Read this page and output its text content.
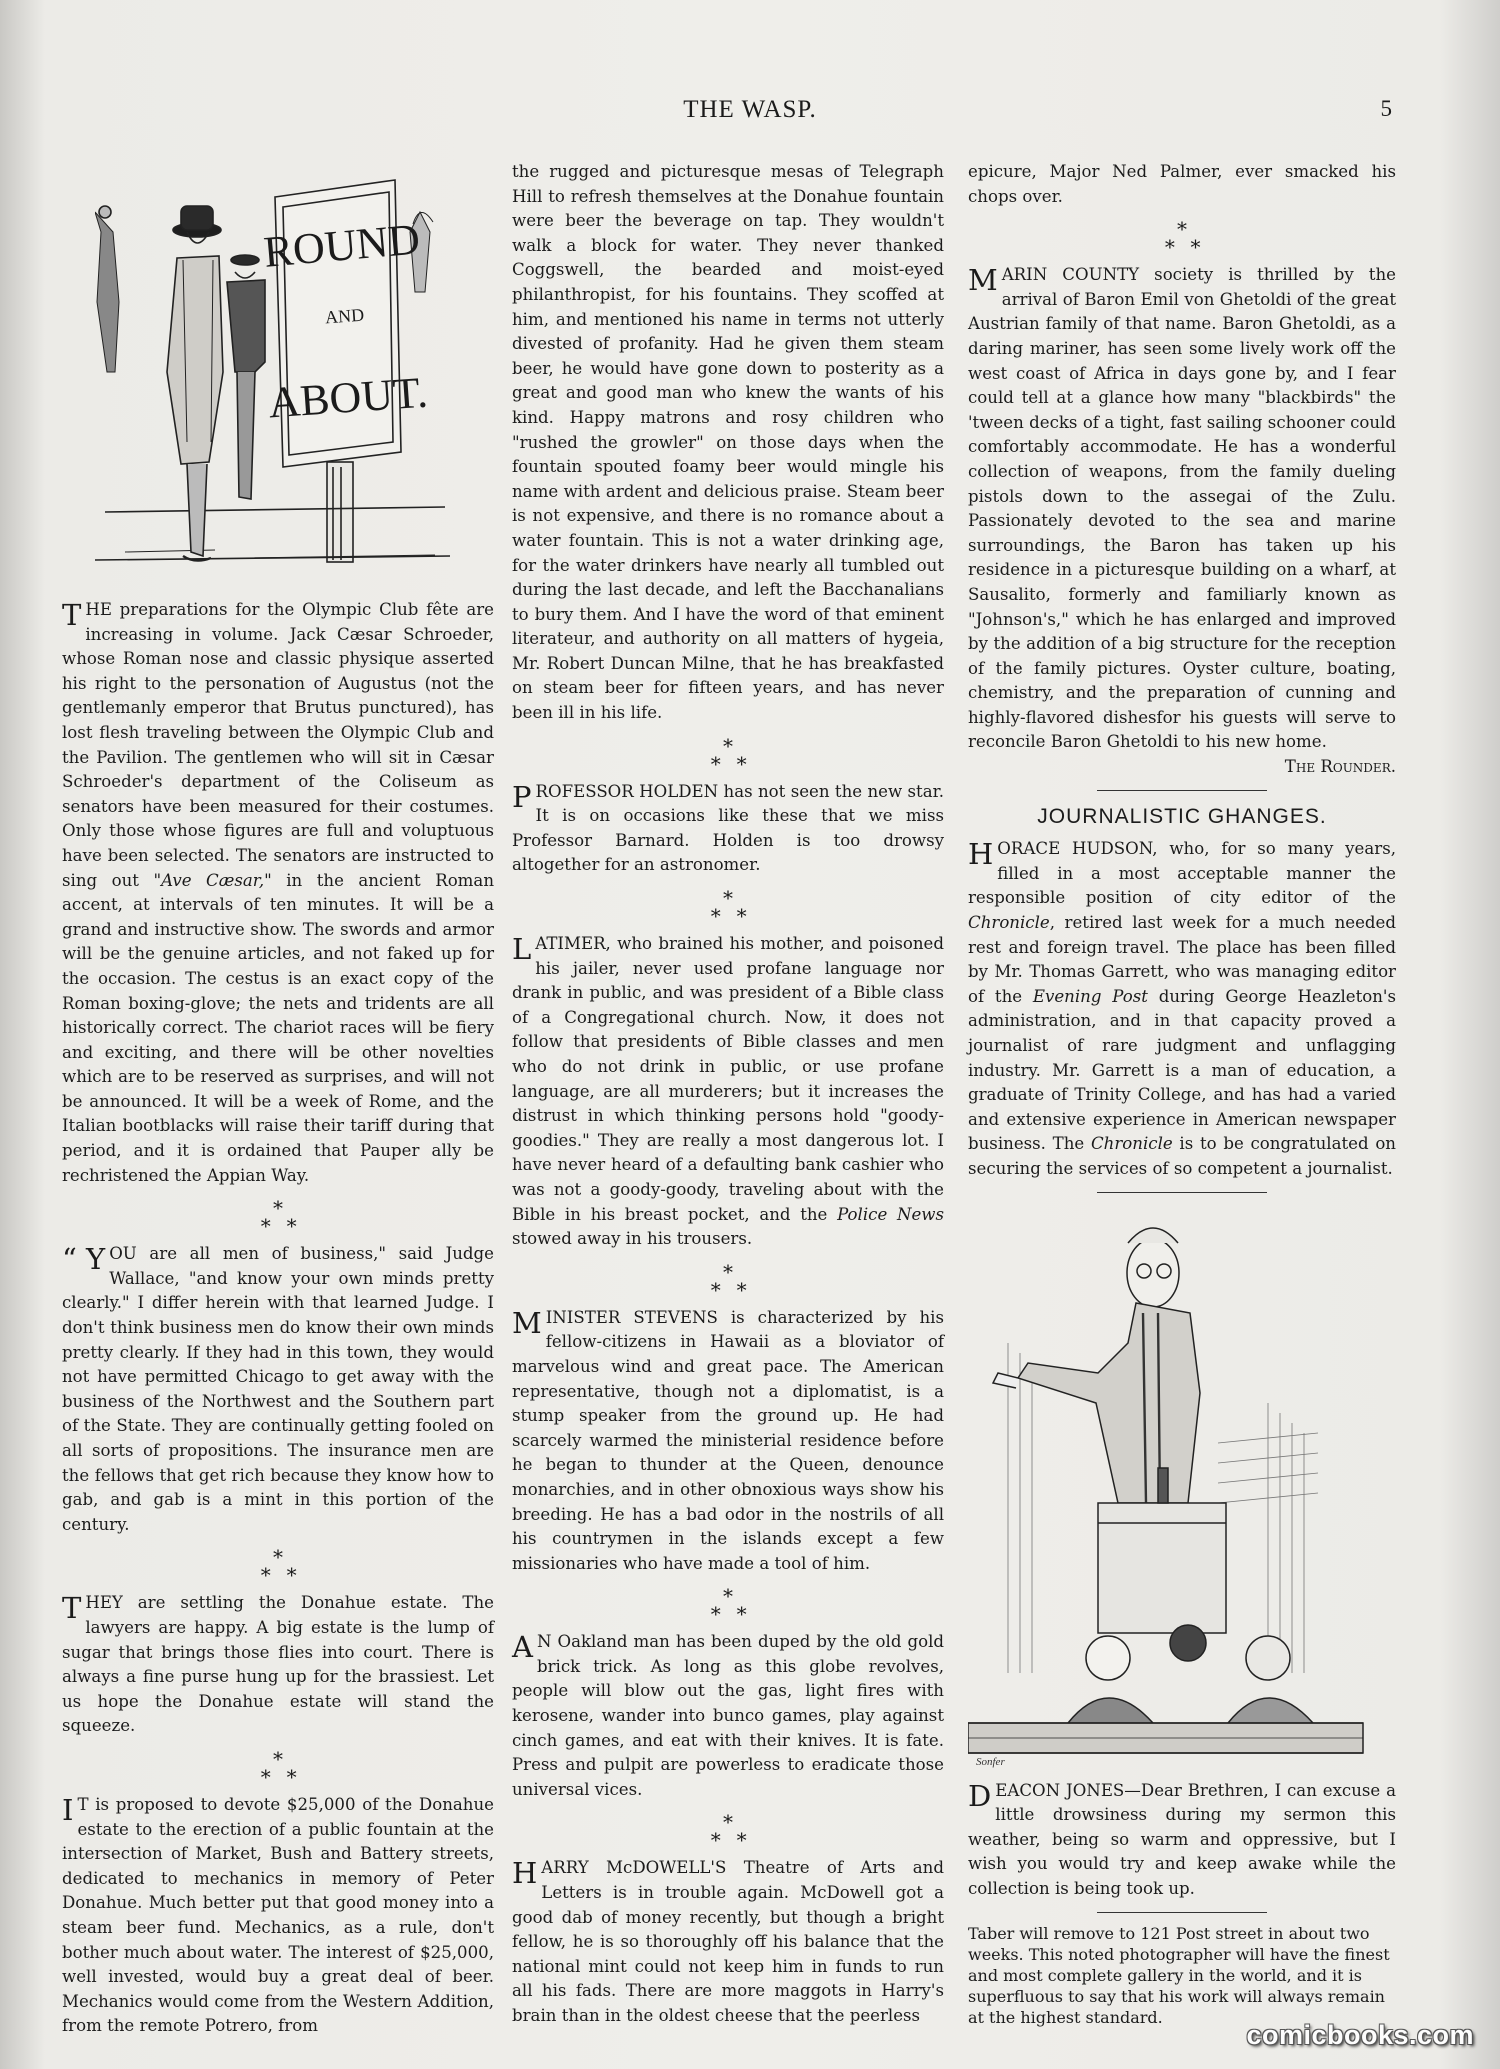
THE WASP.	5
ROUND
AND
ABOUT.

THE preparations for the Olympic Club fête are increasing in volume. Jack Cæsar Schroeder, whose Roman nose and classic physique asserted his right to the personation of Augustus (not the gentlemanly emperor that Brutus punctured), has lost flesh traveling between the Olympic Club and the Pavilion. The gentlemen who will sit in Cæsar Schroeder's department of the Coliseum as senators have been measured for their costumes. Only those whose figures are full and voluptuous have been selected. The senators are instructed to sing out "Ave Cæsar," in the ancient Roman accent, at intervals of ten minutes. It will be a grand and instructive show. The swords and armor will be the genuine articles, and not faked up for the occasion. The cestus is an exact copy of the Roman boxing-glove; the nets and tridents are all historically correct. The chariot races will be fiery and exciting, and there will be other novelties which are to be reserved as surprises, and will not be announced. It will be a week of Rome, and the Italian bootblacks will raise their tariff during that period, and it is ordained that Pauper ally be rechristened the Appian Way.

*
* *

“ Y OU are all men of business," said Judge Wallace, "and know your own minds pretty clearly." I differ herein with that learned Judge. I don't think business men do know their own minds pretty clearly. If they had in this town, they would not have permitted Chicago to get away with the business of the Northwest and the Southern part of the State. They are continually getting fooled on all sorts of propositions. The insurance men are the fellows that get rich because they know how to gab, and gab is a mint in this portion of the century.

*
* *

THEY are settling the Donahue estate. The lawyers are happy. A big estate is the lump of sugar that brings those flies into court. There is always a fine purse hung up for the brassiest. Let us hope the Donahue estate will stand the squeeze.

*
* *

I T is proposed to devote $25,000 of the Donahue estate to the erection of a public fountain at the intersection of Market, Bush and Battery streets, dedicated to mechanics in memory of Peter Donahue. Much better put that good money into a steam beer fund. Mechanics, as a rule, don't bother much about water. The interest of $25,000, well invested, would buy a great deal of beer. Mechanics would come from the Western Addition, from the remote Potrero, from

the rugged and picturesque mesas of Telegraph Hill to refresh themselves at the Donahue fountain were beer the beverage on tap. They wouldn't walk a block for water. They never thanked Coggswell, the bearded and moist-eyed philanthropist, for his fountains. They scoffed at him, and mentioned his name in terms not utterly divested of profanity. Had he given them steam beer, he would have gone down to posterity as a great and good man who knew the wants of his kind. Happy matrons and rosy children who "rushed the growler" on those days when the fountain spouted foamy beer would mingle his name with ardent and delicious praise. Steam beer is not expensive, and there is no romance about a water fountain. This is not a water drinking age, for the water drinkers have nearly all tumbled out during the last decade, and left the Bacchanalians to bury them. And I have the word of that eminent literateur, and authority on all matters of hygeia, Mr. Robert Duncan Milne, that he has breakfasted on steam beer for fifteen years, and has never been ill in his life.

*
* *

PROFESSOR HOLDEN has not seen the new star. It is on occasions like these that we miss Professor Barnard. Holden is too drowsy altogether for an astronomer.

*
* *

LATIMER, who brained his mother, and poisoned his jailer, never used profane language nor drank in public, and was president of a Bible class of a Congregational church. Now, it does not follow that presidents of Bible classes and men who do not drink in public, or use profane language, are all murderers; but it increases the distrust in which thinking persons hold "goody-goodies." They are really a most dangerous lot. I have never heard of a defaulting bank cashier who was not a goody-goody, traveling about with the Bible in his breast pocket, and the Police News stowed away in his trousers.

*
* *

MINISTER STEVENS is characterized by his fellow-citizens in Hawaii as a bloviator of marvelous wind and great pace. The American representative, though not a diplomatist, is a stump speaker from the ground up. He had scarcely warmed the ministerial residence before he began to thunder at the Queen, denounce monarchies, and in other obnoxious ways show his breeding. He has a bad odor in the nostrils of all his countrymen in the islands except a few missionaries who have made a tool of him.

*
* *

A N Oakland man has been duped by the old gold brick trick. As long as this globe revolves, people will blow out the gas, light fires with kerosene, wander into bunco games, play against cinch games, and eat with their knives. It is fate. Press and pulpit are powerless to eradicate those universal vices.

*
* *

HARRY McDOWELL'S Theatre of Arts and Letters is in trouble again. McDowell got a good dab of money recently, but though a bright fellow, he is so thoroughly off his balance that the national mint could not keep him in funds to run all his fads. There are more maggots in Harry's brain than in the oldest cheese that the peerless

epicure, Major Ned Palmer, ever smacked his chops over.

*
* *

MARIN COUNTY society is thrilled by the arrival of Baron Emil von Ghetoldi of the great Austrian family of that name. Baron Ghetoldi, as a daring mariner, has seen some lively work off the west coast of Africa in days gone by, and I fear could tell at a glance how many "blackbirds" the 'tween decks of a tight, fast sailing schooner could comfortably accommodate. He has a wonderful collection of weapons, from the family dueling pistols down to the assegai of the Zulu. Passionately devoted to the sea and marine surroundings, the Baron has taken up his residence in a picturesque building on a wharf, at Sausalito, formerly and familiarly known as "Johnson's," which he has enlarged and improved by the addition of a big structure for the reception of the family pictures. Oyster culture, boating, chemistry, and the preparation of cunning and highly-flavored dishesfor his guests will serve to reconcile Baron Ghetoldi to his new home.

The Rounder.

JOURNALISTIC GHANGES.

HORACE HUDSON, who, for so many years, filled in a most acceptable manner the responsible position of city editor of the Chronicle, retired last week for a much needed rest and foreign travel. The place has been filled by Mr. Thomas Garrett, who was managing editor of the Evening Post during George Heazleton's administration, and in that capacity proved a journalist of rare judgment and unflagging industry. Mr. Garrett is a man of education, a graduate of Trinity College, and has had a varied and extensive experience in American newspaper business. The Chronicle is to be congratulated on securing the services of so competent a journalist.

Sonfer

DEACON JONES—Dear Brethren, I can excuse a little drowsiness during my sermon this weather, being so warm and oppressive, but I wish you would try and keep awake while the collection is being took up.

Taber will remove to 121 Post street in about two weeks. This noted photographer will have the finest and most complete gallery in the world, and it is superfluous to say that his work will always remain at the highest standard.

comicbooks.com
